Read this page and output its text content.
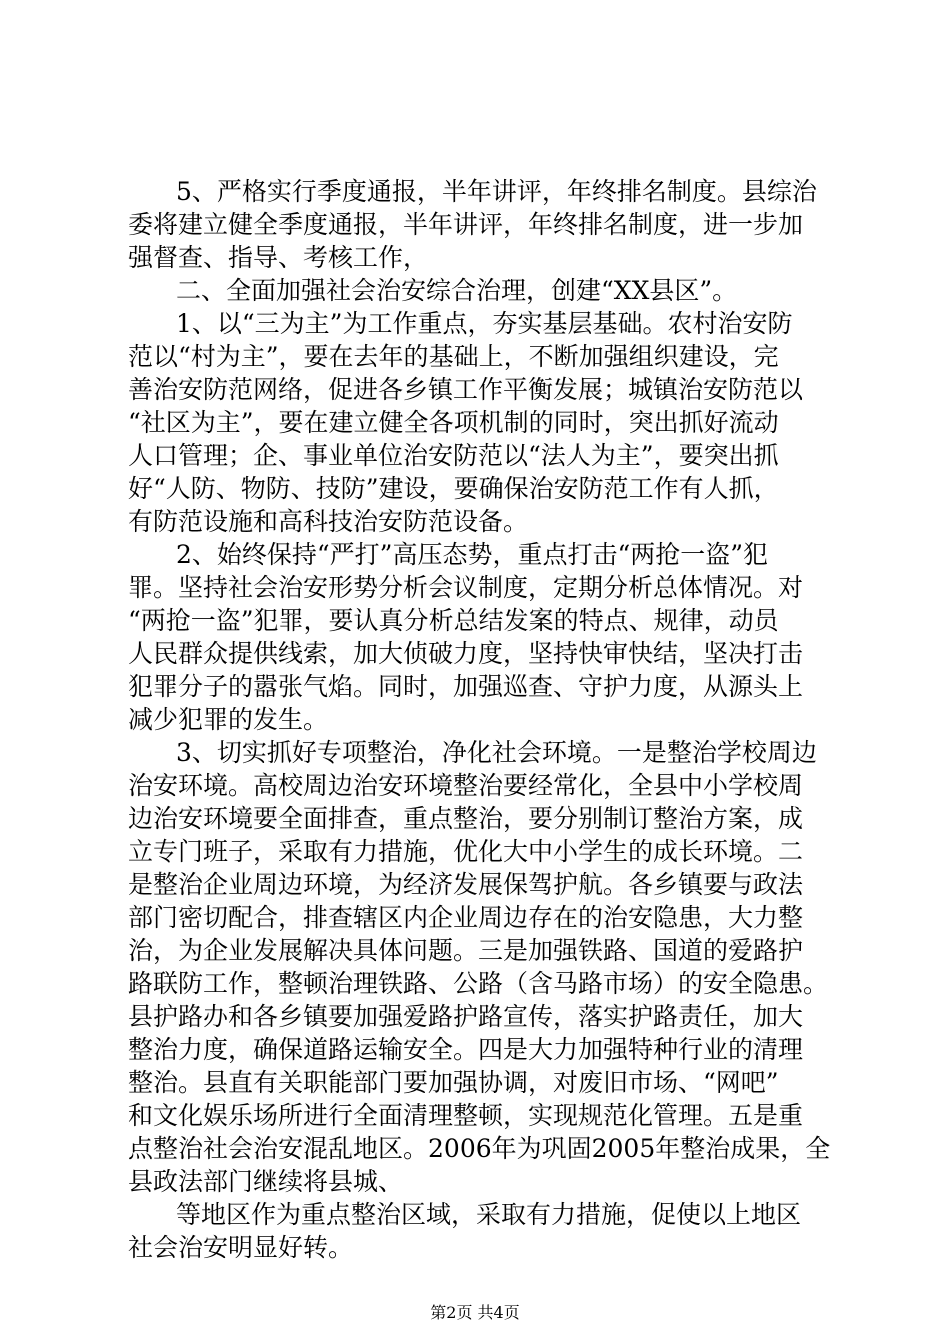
5、严格实行季度通报，半年讲评，年终排名制度。县综治
委将建立健全季度通报，半年讲评，年终排名制度，进一步加
强督查、指导、考核工作，
二、全面加强社会治安综合治理，创建“XX县区”。
1、以“三为主”为工作重点，夯实基层基础。农村治安防
范以“村为主”，要在去年的基础上，不断加强组织建设，完
善治安防范网络，促进各乡镇工作平衡发展；城镇治安防范以
“社区为主”，要在建立健全各项机制的同时，突出抓好流动
人口管理；企、事业单位治安防范以“法人为主”，要突出抓
好“人防、物防、技防”建设，要确保治安防范工作有人抓，
有防范设施和高科技治安防范设备。
2、始终保持“严打”高压态势，重点打击“两抢一盗”犯
罪。坚持社会治安形势分析会议制度，定期分析总体情况。对
“两抢一盗”犯罪，要认真分析总结发案的特点、规律，动员
人民群众提供线索，加大侦破力度，坚持快审快结，坚决打击
犯罪分子的嚣张气焰。同时，加强巡查、守护力度，从源头上
减少犯罪的发生。
3、切实抓好专项整治，净化社会环境。一是整治学校周边
治安环境。高校周边治安环境整治要经常化，全县中小学校周
边治安环境要全面排查，重点整治，要分别制订整治方案，成
立专门班子，采取有力措施，优化大中小学生的成长环境。二
是整治企业周边环境，为经济发展保驾护航。各乡镇要与政法
部门密切配合，排查辖区内企业周边存在的治安隐患，大力整
治，为企业发展解决具体问题。三是加强铁路、国道的爱路护
路联防工作，整顿治理铁路、公路（含马路市场）的安全隐患。
县护路办和各乡镇要加强爱路护路宣传，落实护路责任，加大
整治力度，确保道路运输安全。四是大力加强特种行业的清理
整治。县直有关职能部门要加强协调，对废旧市场、“网吧”
和文化娱乐场所进行全面清理整顿，实现规范化管理。五是重
点整治社会治安混乱地区。2006年为巩固2005年整治成果，全
县政法部门继续将县城、
等地区作为重点整治区域，采取有力措施，促使以上地区
社会治安明显好转。
第2页 共4页
